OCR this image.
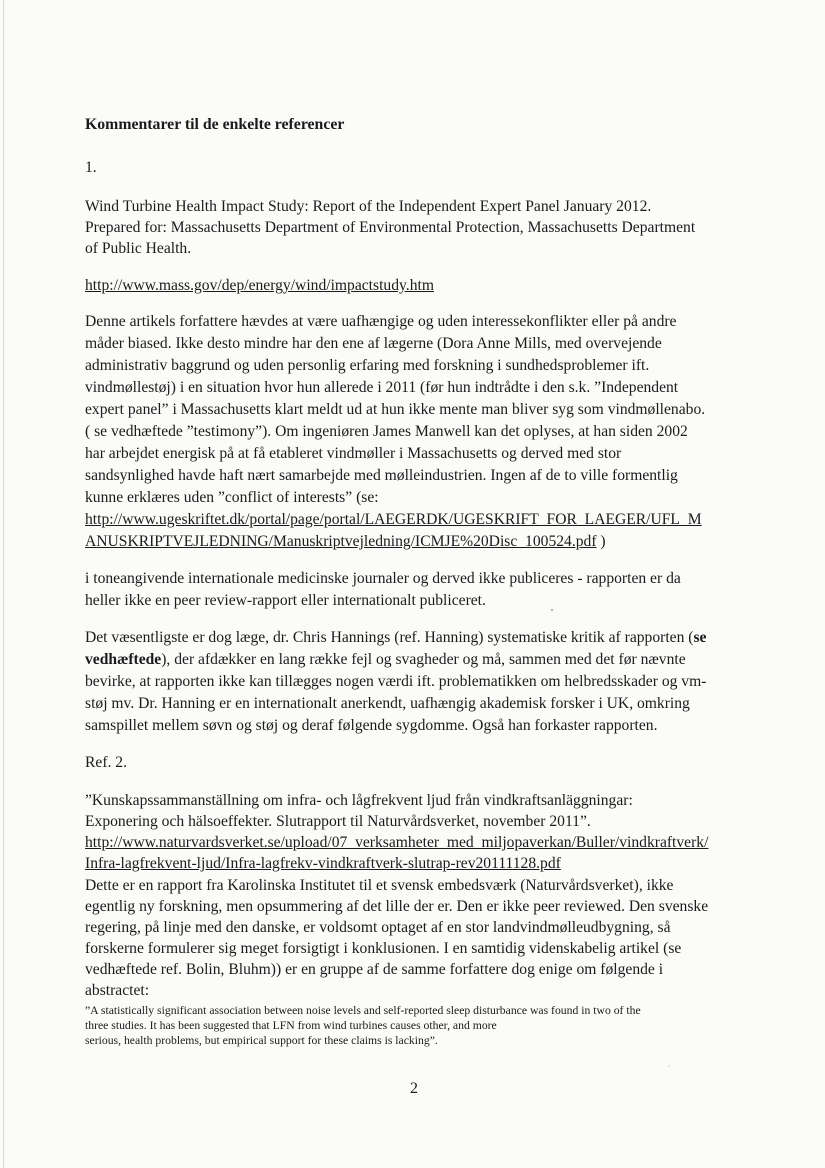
Kommentarer til de enkelte referencer
1.
Wind Turbine Health Impact Study: Report of the Independent Expert Panel January 2012.
Prepared for: Massachusetts Department of Environmental Protection, Massachusetts Department
of Public Health.
http://www.mass.gov/dep/energy/wind/impactstudy.htm
Denne artikels forfattere hævdes at være uafhængige og uden interessekonflikter eller på andre
måder biased. Ikke desto mindre har den ene af lægerne (Dora Anne Mills, med overvejende
administrativ baggrund og uden personlig erfaring med forskning i sundhedsproblemer ift.
vindmøllestøj) i en situation hvor hun allerede i 2011 (før hun indtrådte i den s.k. ”Independent
expert panel” i Massachusetts klart meldt ud at hun ikke mente man bliver syg som vindmøllenabo.
( se vedhæftede ”testimony”). Om ingeniøren James Manwell kan det oplyses, at han siden 2002
har arbejdet energisk på at få etableret vindmøller i Massachusetts og derved med stor
sandsynlighed havde haft nært samarbejde med mølleindustrien. Ingen af de to ville formentlig
kunne erklæres uden ”conflict of interests” (se:
http://www.ugeskriftet.dk/portal/page/portal/LAEGERDK/UGESKRIFT_FOR_LAEGER/UFL_M
ANUSKRIPTVEJLEDNING/Manuskriptvejledning/ICMJE%20Disc_100524.pdf )
i toneangivende internationale medicinske journaler og derved ikke publiceres - rapporten er da
heller ikke en peer review-rapport eller internationalt publiceret.
Det væsentligste er dog læge, dr. Chris Hannings (ref. Hanning) systematiske kritik af rapporten (se
vedhæftede), der afdækker en lang række fejl og svagheder og må, sammen med det før nævnte
bevirke, at rapporten ikke kan tillægges nogen værdi ift. problematikken om helbredsskader og vm-
støj mv. Dr. Hanning er en internationalt anerkendt, uafhængig akademisk forsker i UK, omkring
samspillet mellem søvn og støj og deraf følgende sygdomme. Også han forkaster rapporten.
Ref. 2.
”Kunskapssammanställning om infra- och lågfrekvent ljud från vindkraftsanläggningar:
Exponering och hälsoeffekter. Slutrapport til Naturvårdsverket, november 2011”.
http://www.naturvardsverket.se/upload/07_verksamheter_med_miljopaverkan/Buller/vindkraftverk/
Infra-lagfrekvent-ljud/Infra-lagfrekv-vindkraftverk-slutrap-rev20111128.pdf
Dette er en rapport fra Karolinska Institutet til et svensk embedsværk (Naturvårdsverket), ikke
egentlig ny forskning, men opsummering af det lille der er. Den er ikke peer reviewed. Den svenske
regering, på linje med den danske, er voldsomt optaget af en stor landvindmølleudbygning, så
forskerne formulerer sig meget forsigtigt i konklusionen. I en samtidig videnskabelig artikel (se
vedhæftede ref. Bolin, Bluhm)) er en gruppe af de samme forfattere dog enige om følgende i
abstractet:
”A statistically significant association between noise levels and self-reported sleep disturbance was found in two of the
three studies. It has been suggested that LFN from wind turbines causes other, and more
serious, health problems, but empirical support for these claims is lacking”.
2
